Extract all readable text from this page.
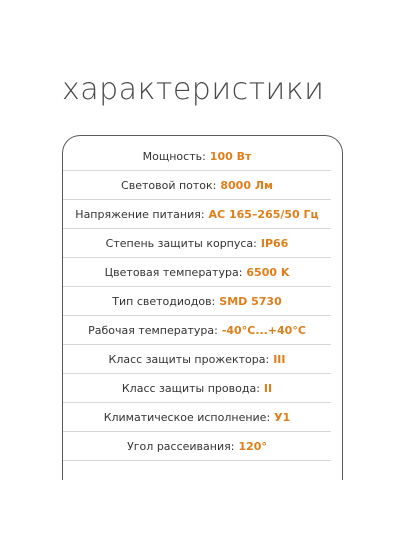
характеристики
Мощность: 100 Вт
Световой поток: 8000 Лм
Напряжение питания: AC 165–265/50 Гц
Степень защиты корпуса: IP66
Цветовая температура: 6500 K
Тип светодиодов: SMD 5730
Рабочая температура: -40°C...+40°C
Класс защиты прожектора: III
Класс защиты провода: II
Климатическое исполнение: У1
Угол рассеивания: 120°
